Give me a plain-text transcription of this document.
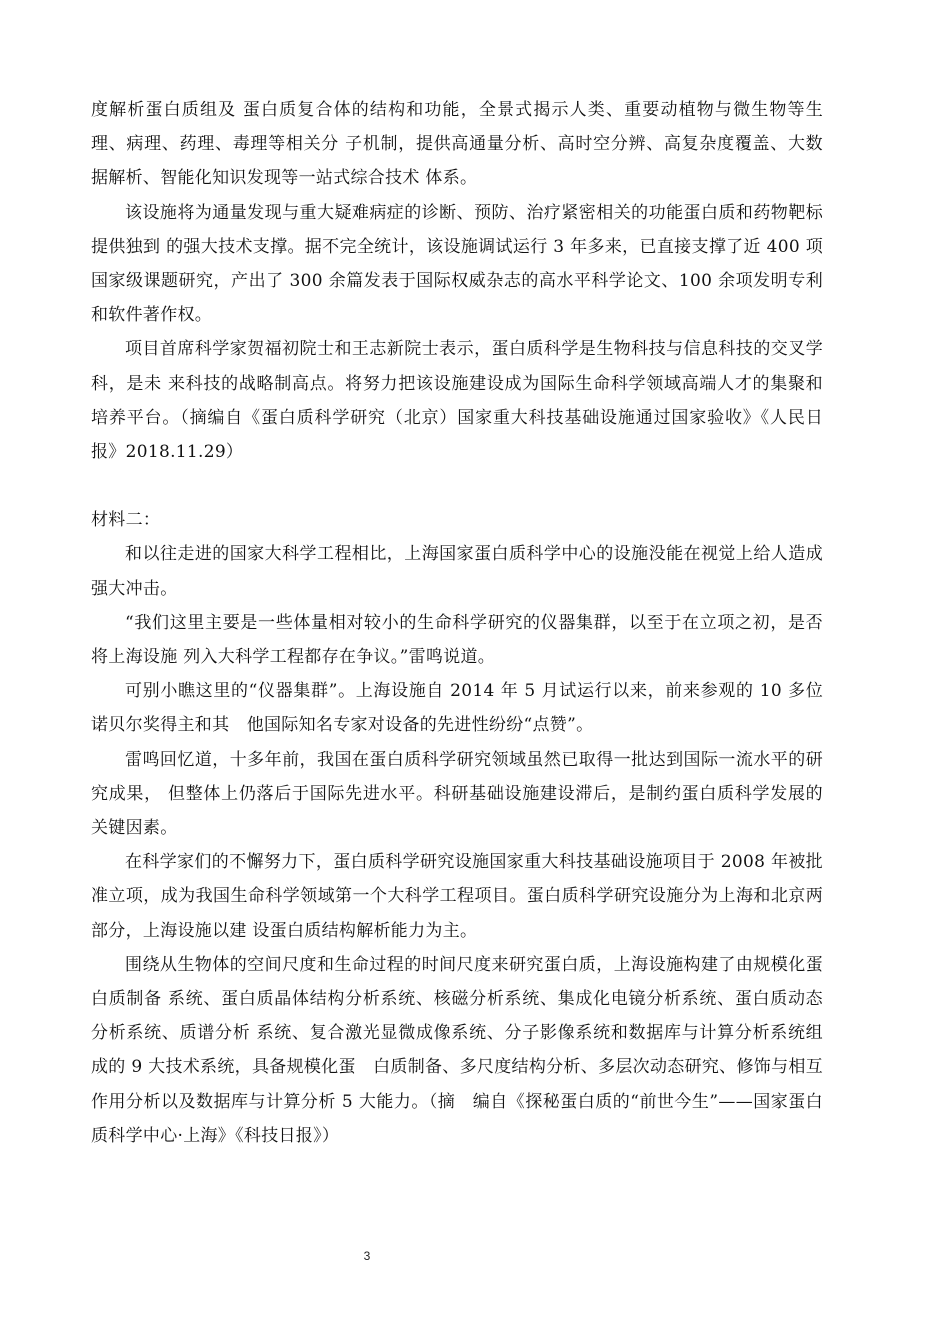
度解析蛋白质组及 蛋白质复合体的结构和功能，全景式揭示人类、重要动植物与微生物等生理、病理、药理、毒理等相关分 子机制，提供高通量分析、高时空分辨、高复杂度覆盖、大数据解析、智能化知识发现等一站式综合技术 体系。

该设施将为通量发现与重大疑难病症的诊断、预防、治疗紧密相关的功能蛋白质和药物靶标提供独到 的强大技术支撑。据不完全统计，该设施调试运行 3 年多来，已直接支撑了近 400 项国家级课题研究，产出了 300 余篇发表于国际权威杂志的高水平科学论文、100 余项发明专利和软件著作权。

项目首席科学家贺福初院士和王志新院士表示，蛋白质科学是生物科技与信息科技的交叉学科，是未 来科技的战略制高点。将努力把该设施建设成为国际生命科学领域高端人才的集聚和培养平台。（摘编自《蛋白质科学研究（北京）国家重大科技基础设施通过国家验收》《人民日报》2018.11.29）

材料二：

和以往走进的国家大科学工程相比，上海国家蛋白质科学中心的设施没能在视觉上给人造成强大冲击。

“我们这里主要是一些体量相对较小的生命科学研究的仪器集群，以至于在立项之初，是否将上海设施 列入大科学工程都存在争议。”雷鸣说道。

可别小瞧这里的“仪器集群”。上海设施自 2014 年 5 月试运行以来，前来参观的 10 多位诺贝尔奖得主和其　他国际知名专家对设备的先进性纷纷“点赞”。

雷鸣回忆道，十多年前，我国在蛋白质科学研究领域虽然已取得一批达到国际一流水平的研究成果， 但整体上仍落后于国际先进水平。科研基础设施建设滞后，是制约蛋白质科学发展的关键因素。

在科学家们的不懈努力下，蛋白质科学研究设施国家重大科技基础设施项目于 2008 年被批准立项，成为我国生命科学领域第一个大科学工程项目。蛋白质科学研究设施分为上海和北京两部分，上海设施以建 设蛋白质结构解析能力为主。

围绕从生物体的空间尺度和生命过程的时间尺度来研究蛋白质，上海设施构建了由规模化蛋白质制备 系统、蛋白质晶体结构分析系统、核磁分析系统、集成化电镜分析系统、蛋白质动态分析系统、质谱分析 系统、复合激光显微成像系统、分子影像系统和数据库与计算分析系统组成的 9 大技术系统，具备规模化蛋　白质制备、多尺度结构分析、多层次动态研究、修饰与相互作用分析以及数据库与计算分析 5 大能力。（摘　编自《探秘蛋白质的“前世今生”——国家蛋白质科学中心·上海》《科技日报》）

3
